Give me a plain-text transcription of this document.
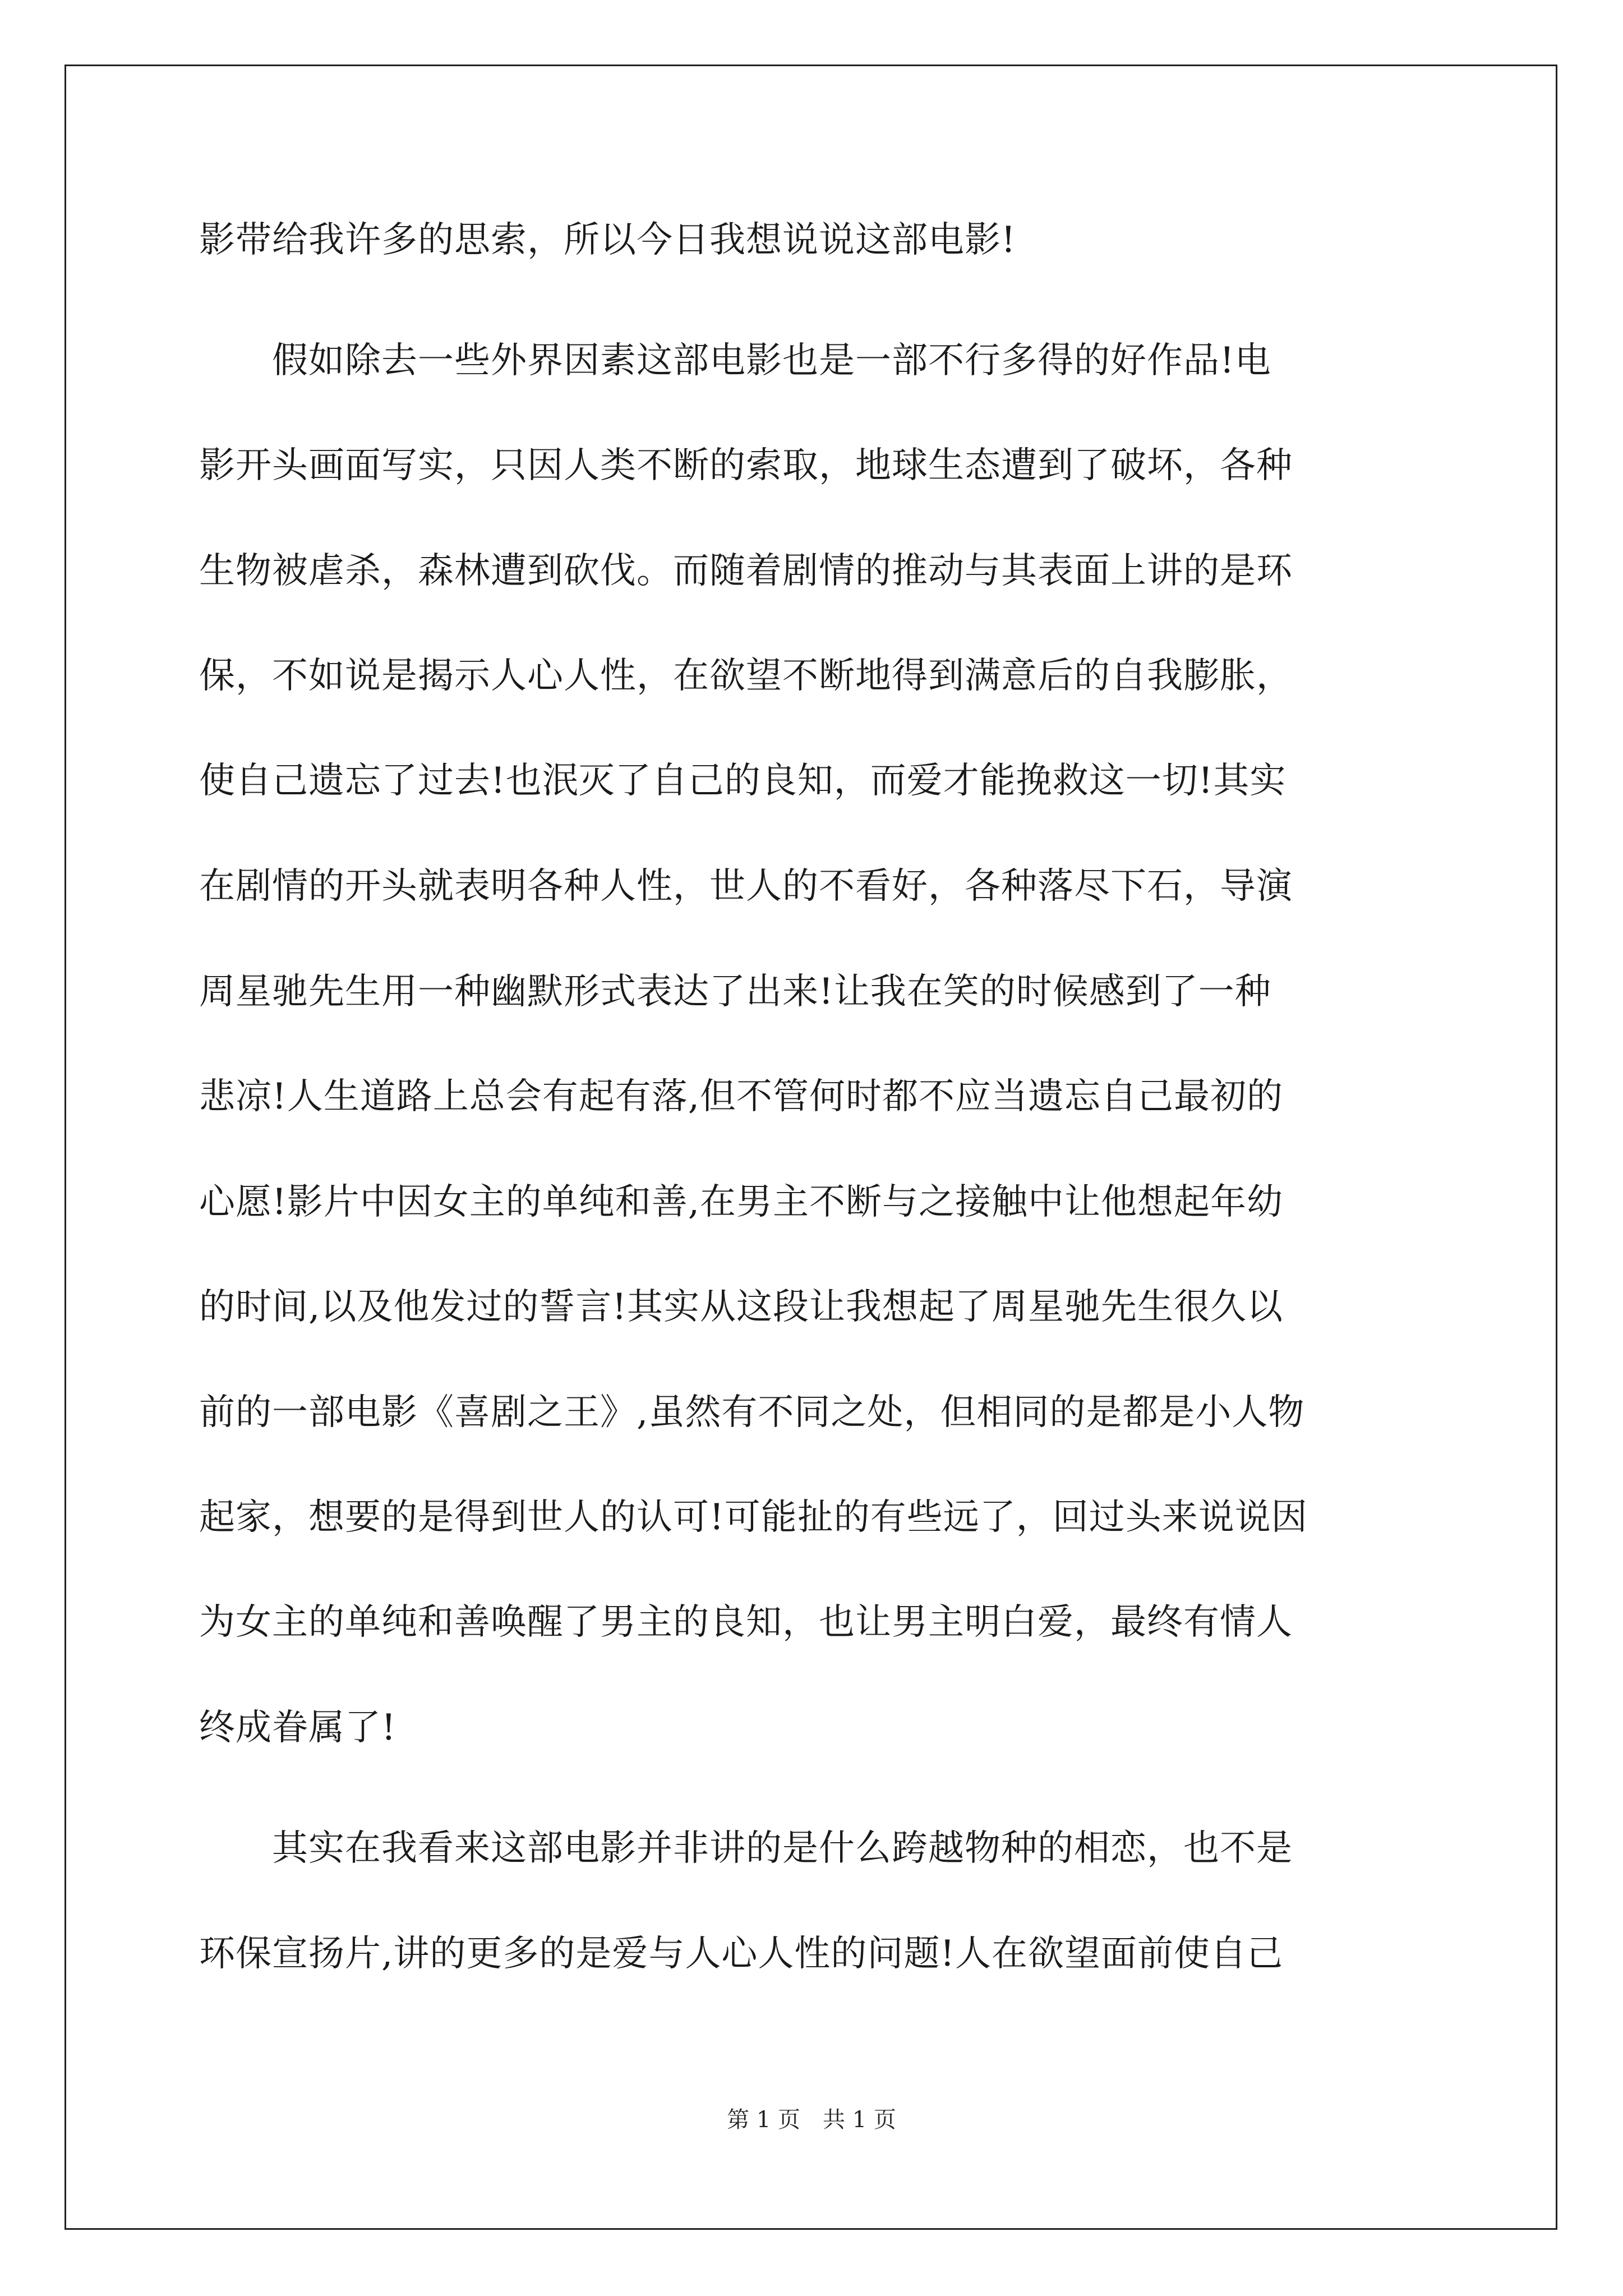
影带给我许多的思索，所以今日我想说说这部电影!
　　假如除去一些外界因素这部电影也是一部不行多得的好作品!电
影开头画面写实，只因人类不断的索取，地球生态遭到了破坏，各种
生物被虐杀，森林遭到砍伐。而随着剧情的推动与其表面上讲的是环
保，不如说是揭示人心人性，在欲望不断地得到满意后的自我膨胀，
使自己遗忘了过去!也泯灭了自己的良知，而爱才能挽救这一切!其实
在剧情的开头就表明各种人性，世人的不看好，各种落尽下石，导演
周星驰先生用一种幽默形式表达了出来!让我在笑的时候感到了一种
悲凉!人生道路上总会有起有落,但不管何时都不应当遗忘自己最初的
心愿!影片中因女主的单纯和善,在男主不断与之接触中让他想起年幼
的时间,以及他发过的誓言!其实从这段让我想起了周星驰先生很久以
前的一部电影《喜剧之王》,虽然有不同之处，但相同的是都是小人物
起家，想要的是得到世人的认可!可能扯的有些远了，回过头来说说因
为女主的单纯和善唤醒了男主的良知，也让男主明白爱，最终有情人
终成眷属了!
　　其实在我看来这部电影并非讲的是什么跨越物种的相恋，也不是
环保宣扬片,讲的更多的是爱与人心人性的问题!人在欲望面前使自己
第 1 页　共 1 页
